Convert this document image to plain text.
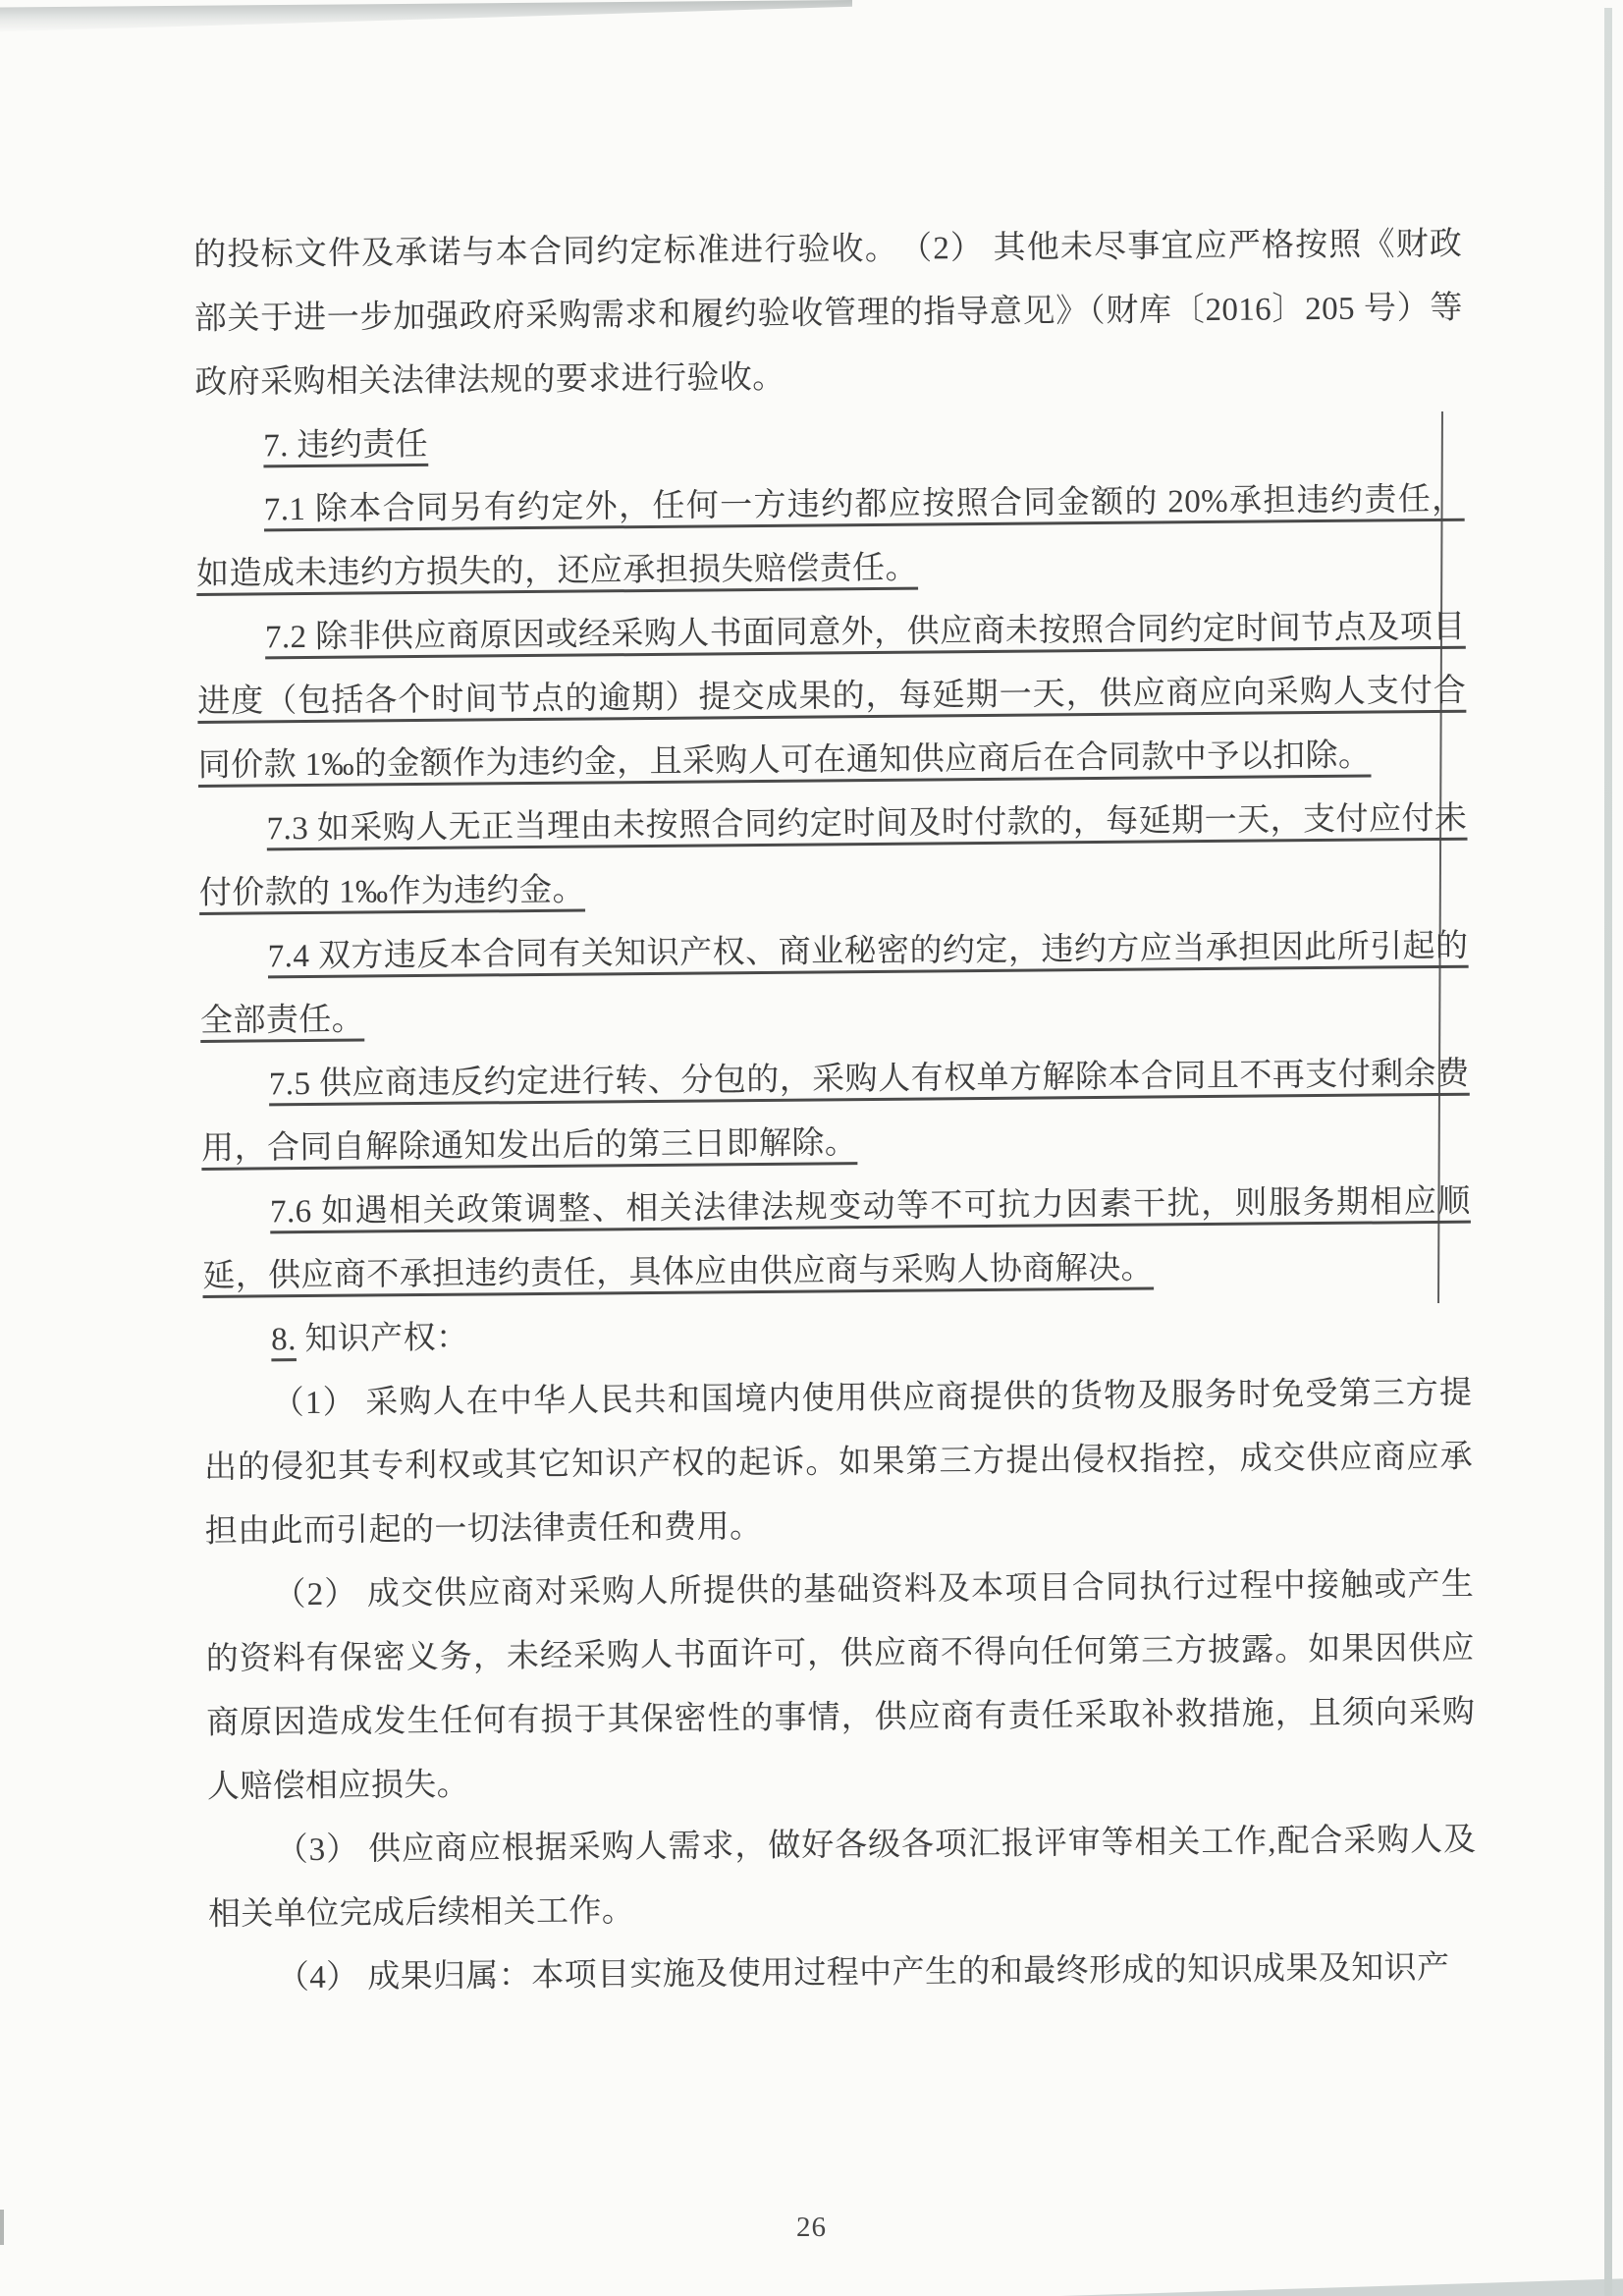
的投标文件及承诺与本合同约定标准进行验收。　（2） 其他未尽事宜应严格按照《财政部关于进一步加强政府采购需求和履约验收管理的指导意见》（财库〔2016〕205 号）等政府采购相关法律法规的要求进行验收。

7. 违约责任

7.1 除本合同另有约定外，任何一方违约都应按照合同金额的 20%承担违约责任，如造成未违约方损失的，还应承担损失赔偿责任。

7.2 除非供应商原因或经采购人书面同意外，供应商未按照合同约定时间节点及项目进度（包括各个时间节点的逾期）提交成果的，每延期一天，供应商应向采购人支付合同价款 1‰的金额作为违约金，且采购人可在通知供应商后在合同款中予以扣除。

7.3 如采购人无正当理由未按照合同约定时间及时付款的，每延期一天，支付应付未付价款的 1‰作为违约金。

7.4 双方违反本合同有关知识产权、商业秘密的约定，违约方应当承担因此所引起的全部责任。

7.5 供应商违反约定进行转、分包的，采购人有权单方解除本合同且不再支付剩余费用，合同自解除通知发出后的第三日即解除。

7.6 如遇相关政策调整、相关法律法规变动等不可抗力因素干扰，则服务期相应顺延，供应商不承担违约责任，具体应由供应商与采购人协商解决。

8. 知识产权：

（1） 采购人在中华人民共和国境内使用供应商提供的货物及服务时免受第三方提出的侵犯其专利权或其它知识产权的起诉。如果第三方提出侵权指控，成交供应商应承担由此而引起的一切法律责任和费用。

（2） 成交供应商对采购人所提供的基础资料及本项目合同执行过程中接触或产生的资料有保密义务，未经采购人书面许可，供应商不得向任何第三方披露。如果因供应商原因造成发生任何有损于其保密性的事情，供应商有责任采取补救措施，且须向采购人赔偿相应损失。

（3） 供应商应根据采购人需求，做好各级各项汇报评审等相关工作,配合采购人及相关单位完成后续相关工作。

（4） 成果归属：本项目实施及使用过程中产生的和最终形成的知识成果及知识产

26
